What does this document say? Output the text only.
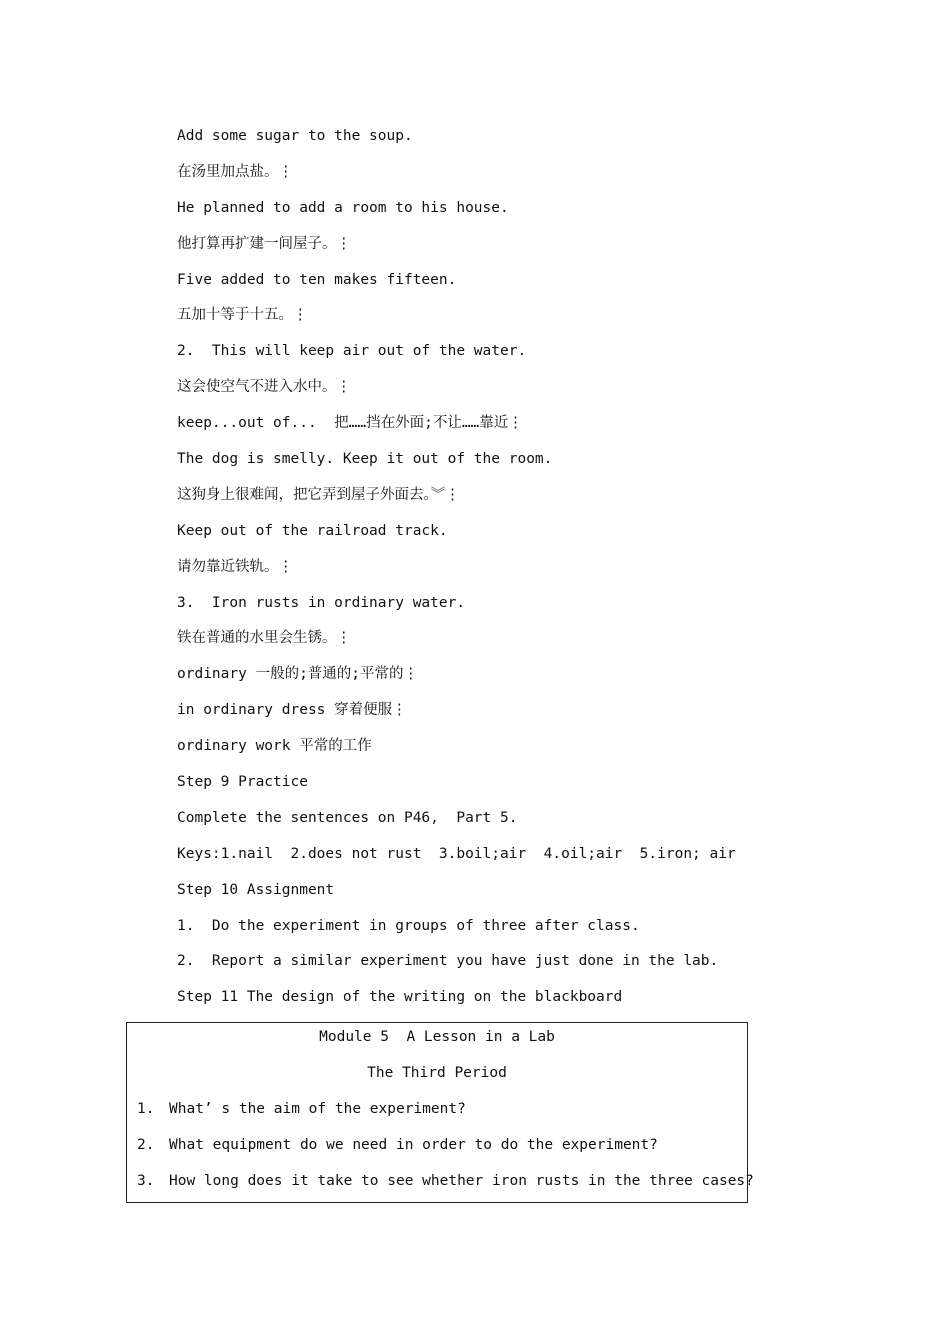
Add some sugar to the soup.
在汤里加点盐。⋮
He planned to add a room to his house.
他打算再扩建一间屋子。⋮
Five added to ten makes fifteen.
五加十等于十五。⋮
2.  This will keep air out of the water.
这会使空气不进入水中。⋮
keep...out of...  把……挡在外面;不让……靠近⋮
The dog is smelly. Keep it out of the room.
这狗身上很难闻，把它弄到屋子外面去。︾⋮
Keep out of the railroad track.
请勿靠近铁轨。⋮
3.  Iron rusts in ordinary water.
铁在普通的水里会生锈。⋮
ordinary 一般的;普通的;平常的⋮
in ordinary dress 穿着便服⋮
ordinary work 平常的工作
Step 9 Practice
Complete the sentences on P46,  Part 5.
Keys:1.nail  2.does not rust  3.boil;air  4.oil;air  5.iron; air
Step 10 Assignment
1.  Do the experiment in groups of three after class.
2.  Report a similar experiment you have just done in the lab.
Step 11 The design of the writing on the blackboard
Module 5  A Lesson in a Lab
The Third Period
1. What’ s the aim of the experiment?
2. What equipment do we need in order to do the experiment?
3. How long does it take to see whether iron rusts in the three cases?
